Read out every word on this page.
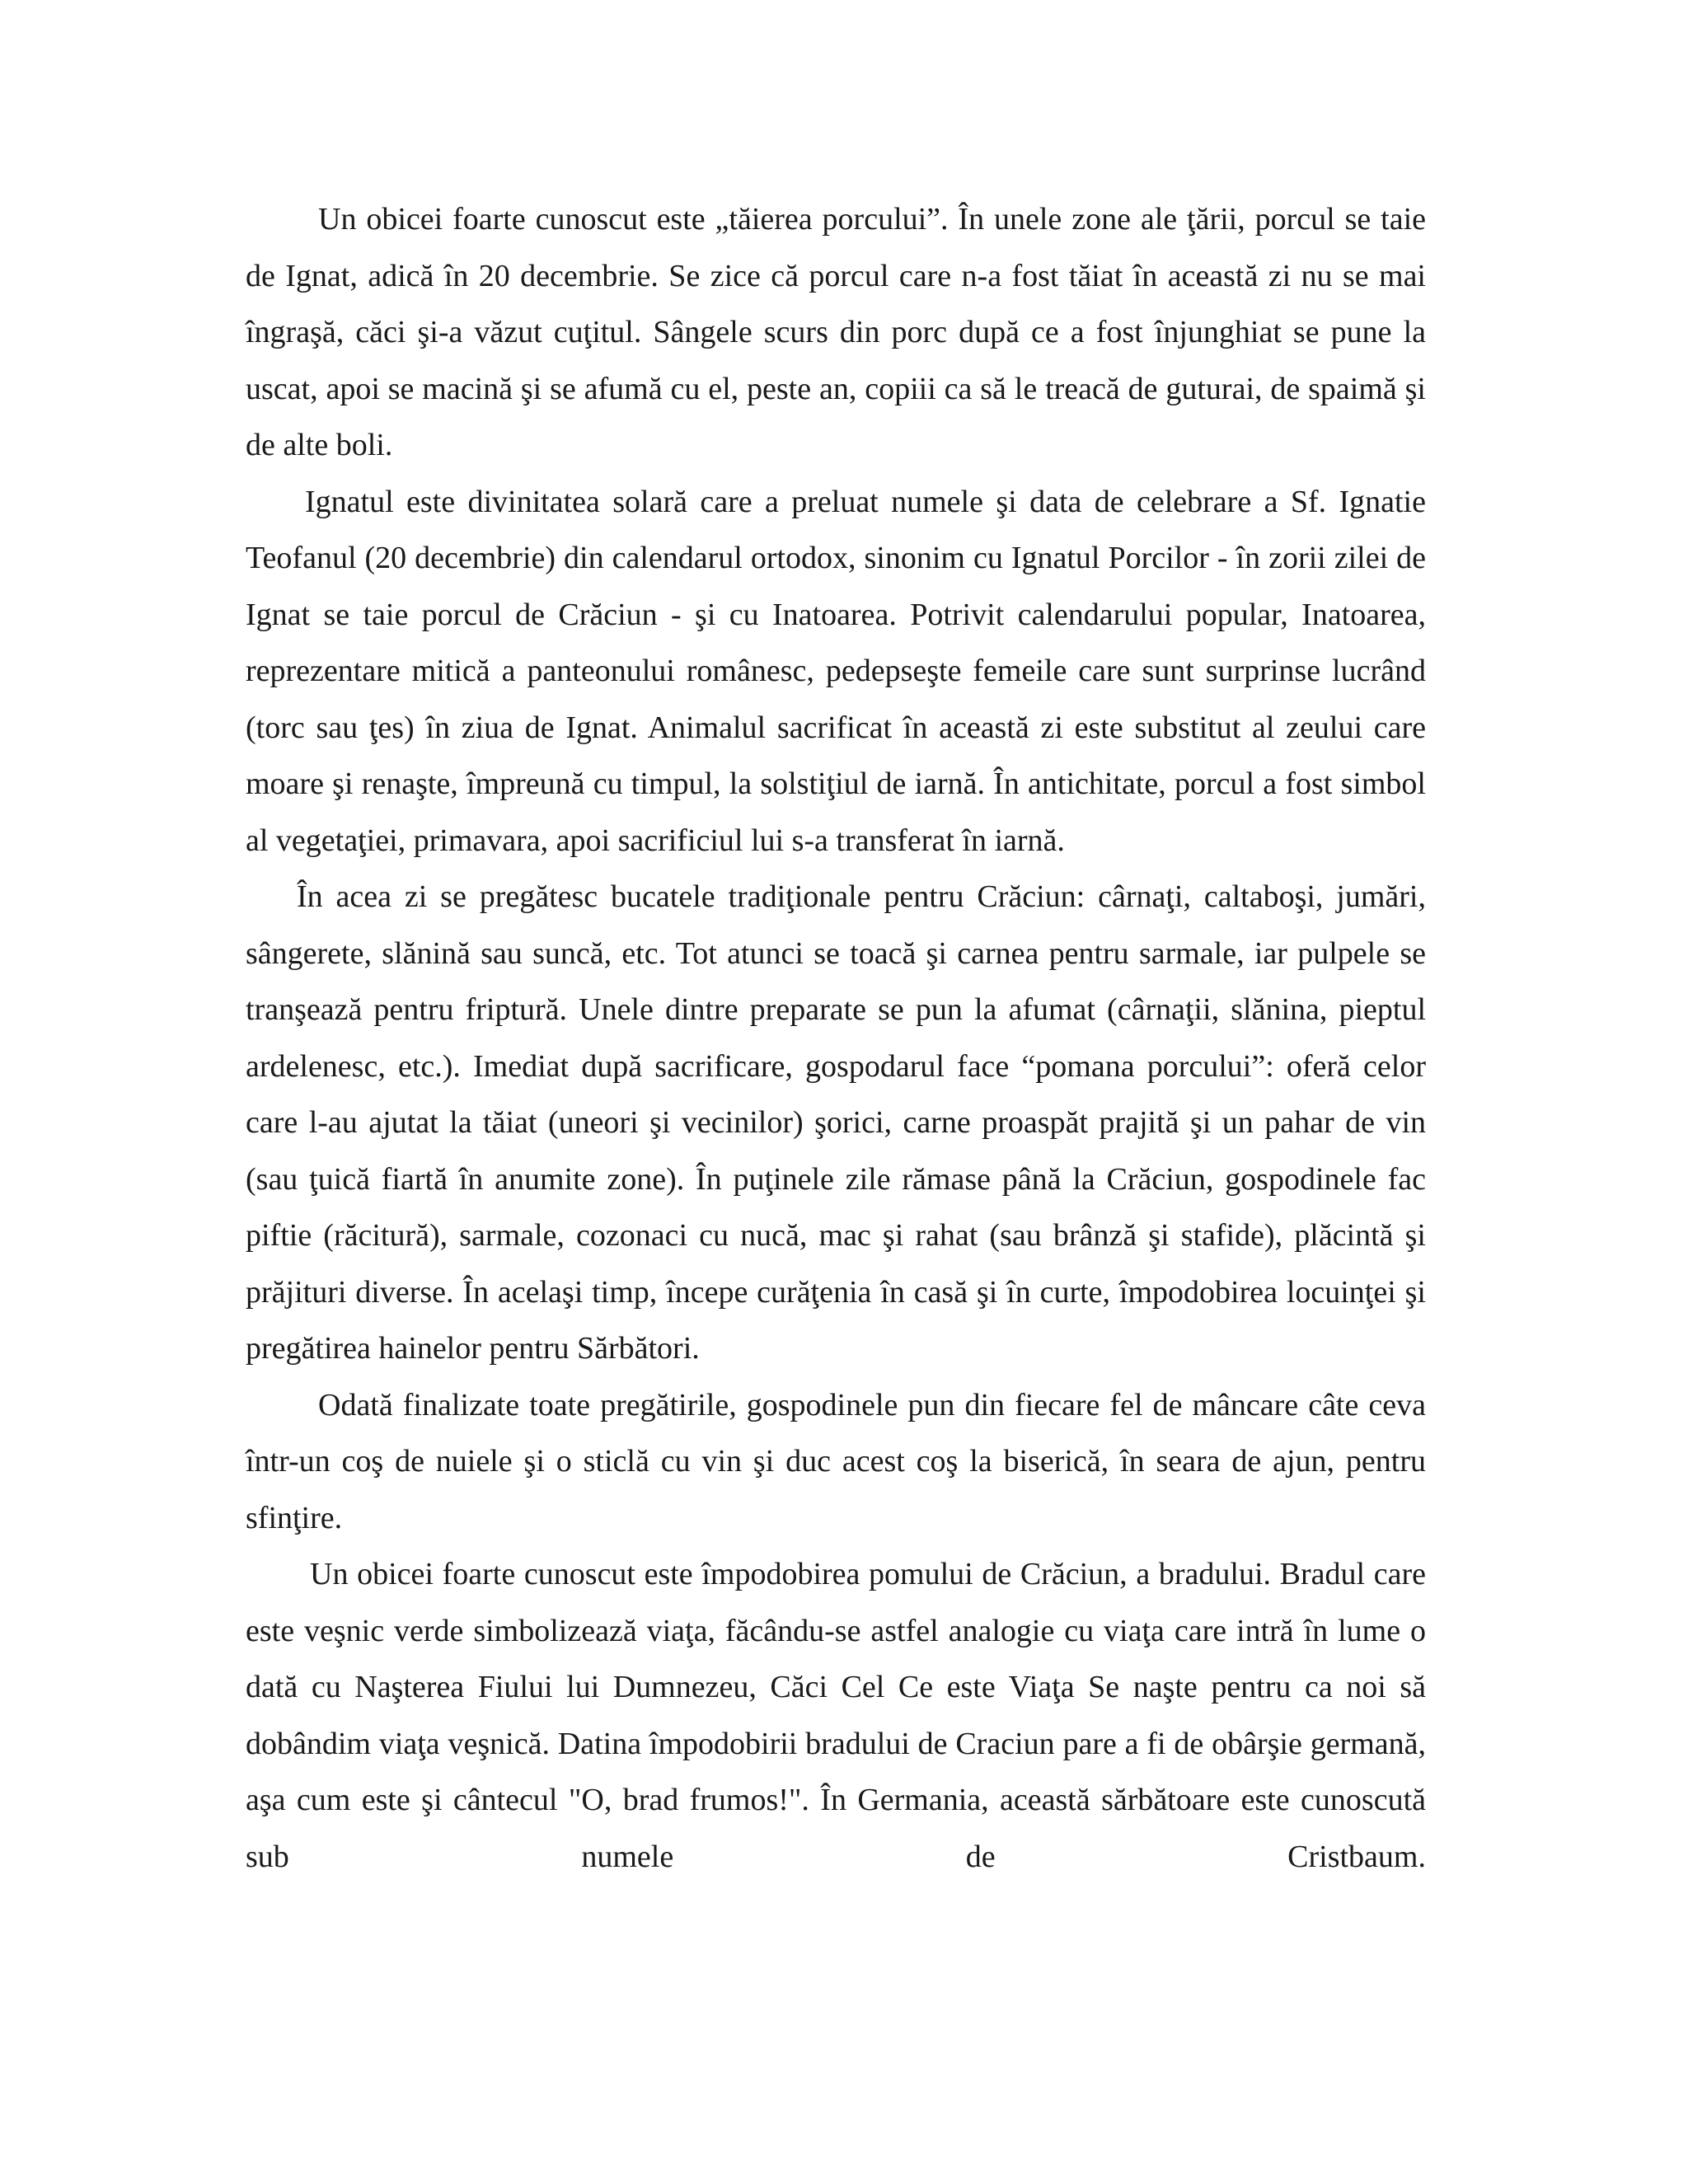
Un obicei foarte cunoscut este „tăierea porcului”. În unele zone ale ţării, porcul se taie de Ignat, adică în 20 decembrie. Se zice că porcul care n-a fost tăiat în această zi nu se mai îngraşă, căci şi-a văzut cuţitul. Sângele scurs din porc după ce a fost înjunghiat se pune la uscat, apoi se macină şi se afumă cu el, peste an, copiii ca să le treacă de guturai, de spaimă şi de alte boli.

Ignatul este divinitatea solară care a preluat numele şi data de celebrare a Sf. Ignatie Teofanul (20 decembrie) din calendarul ortodox, sinonim cu Ignatul Porcilor - în zorii zilei de Ignat se taie porcul de Crăciun - şi cu Inatoarea. Potrivit calendarului popular, Inatoarea, reprezentare mitică a panteonului românesc, pedepseşte femeile care sunt surprinse lucrând (torc sau ţes) în ziua de Ignat. Animalul sacrificat în această zi este substitut al zeului care moare şi renaşte, împreună cu timpul, la solstiţiul de iarnă. În antichitate, porcul a fost simbol al vegetaţiei, primavara, apoi sacrificiul lui s-a transferat în iarnă.

În acea zi se pregătesc bucatele tradiţionale pentru Crăciun: cârnaţi, caltaboşi, jumări, sângerete, slănină sau suncă, etc. Tot atunci se toacă şi carnea pentru sarmale, iar pulpele se tranşează pentru friptură. Unele dintre preparate se pun la afumat (cârnaţii, slănina, pieptul ardelenesc, etc.). Imediat după sacrificare, gospodarul face “pomana porcului”: oferă celor care l-au ajutat la tăiat (uneori şi vecinilor) şorici, carne proaspăt prajită şi un pahar de vin (sau ţuică fiartă în anumite zone). În puţinele zile rămase până la Crăciun, gospodinele fac piftie (răcitură), sarmale, cozonaci cu nucă, mac şi rahat (sau brânză şi stafide), plăcintă şi prăjituri diverse. În acelaşi timp, începe curăţenia în casă şi în curte, împodobirea locuinţei şi pregătirea hainelor pentru Sărbători.

Odată finalizate toate pregătirile, gospodinele pun din fiecare fel de mâncare câte ceva într-un coş de nuiele şi o sticlă cu vin şi duc acest coş la biserică, în seara de ajun, pentru sfinţire.

Un obicei foarte cunoscut este împodobirea pomului de Crăciun, a bradului. Bradul care este veşnic verde simbolizează viaţa, făcându-se astfel analogie cu viaţa care intră în lume o dată cu Naşterea Fiului lui Dumnezeu, Căci Cel Ce este Viaţa Se naşte pentru ca noi să dobândim viaţa veşnică. Datina împodobirii bradului de Craciun pare a fi de obârşie germană, aşa cum este şi cântecul "O, brad frumos!". În Germania, această sărbătoare este cunoscută sub numele de Cristbaum.
